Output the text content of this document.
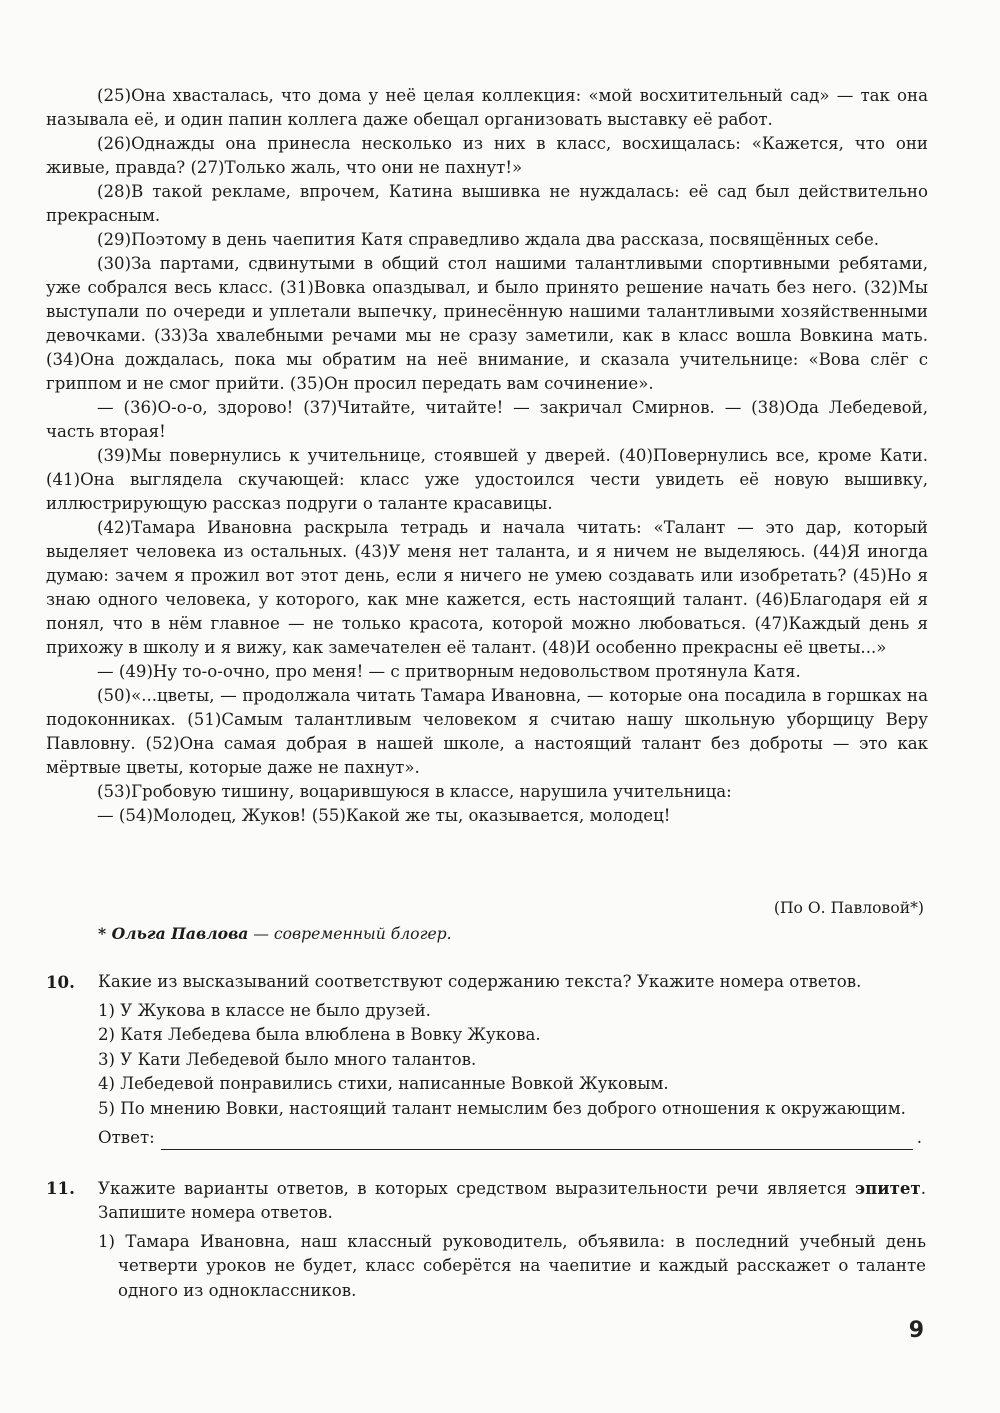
(25)Она хвасталась, что дома у неё целая коллекция: «мой восхитительный сад» — так она называла её, и один папин коллега даже обещал организовать выставку её работ.

(26)Однажды она принесла несколько из них в класс, восхищалась: «Кажется, что они живые, правда? (27)Только жаль, что они не пахнут!»

(28)В такой рекламе, впрочем, Катина вышивка не нуждалась: её сад был действительно прекрасным.

(29)Поэтому в день чаепития Катя справедливо ждала два рассказа, посвящённых себе.

(30)За партами, сдвинутыми в общий стол нашими талантливыми спортивными ребятами, уже собрался весь класс. (31)Вовка опаздывал, и было принято решение начать без него. (32)Мы выступали по очереди и уплетали выпечку, принесённую нашими талантливыми хозяйственными девочками. (33)За хвалебными речами мы не сразу заметили, как в класс вошла Вовкина мать. (34)Она дождалась, пока мы обратим на неё внимание, и сказала учительнице: «Вова слёг с гриппом и не смог прийти. (35)Он просил передать вам сочинение».

— (36)О-о-о, здорово! (37)Читайте, читайте! — закричал Смирнов. — (38)Ода Лебедевой, часть вторая!

(39)Мы повернулись к учительнице, стоявшей у дверей. (40)Повернулись все, кроме Кати. (41)Она выглядела скучающей: класс уже удостоился чести увидеть её новую вышивку, иллюстрирующую рассказ подруги о таланте красавицы.

(42)Тамара Ивановна раскрыла тетрадь и начала читать: «Талант — это дар, который выделяет человека из остальных. (43)У меня нет таланта, и я ничем не выделяюсь. (44)Я иногда думаю: зачем я прожил вот этот день, если я ничего не умею создавать или изобретать? (45)Но я знаю одного человека, у которого, как мне кажется, есть настоящий талант. (46)Благодаря ей я понял, что в нём главное — не только красота, которой можно любоваться. (47)Каждый день я прихожу в школу и я вижу, как замечателен её талант. (48)И особенно прекрасны её цветы...»

— (49)Ну то-о-очно, про меня! — с притворным недовольством протянула Катя.

(50)«...цветы, — продолжала читать Тамара Ивановна, — которые она посадила в горшках на подоконниках. (51)Самым талантливым человеком я считаю нашу школьную уборщицу Веру Павловну. (52)Она самая добрая в нашей школе, а настоящий талант без доброты — это как мёртвые цветы, которые даже не пахнут».

(53)Гробовую тишину, воцарившуюся в классе, нарушила учительница:

— (54)Молодец, Жуков! (55)Какой же ты, оказывается, молодец!

(По О. Павловой*)
* Ольга Павлова — современный блогер.
10. Какие из высказываний соответствуют содержанию текста? Укажите номера ответов.
1) У Жукова в классе не было друзей.
2) Катя Лебедева была влюблена в Вовку Жукова.
3) У Кати Лебедевой было много талантов.
4) Лебедевой понравились стихи, написанные Вовкой Жуковым.
5) По мнению Вовки, настоящий талант немыслим без доброго отношения к окружающим.
Ответ:	.
11. Укажите варианты ответов, в которых средством выразительности речи является эпитет. Запишите номера ответов.
1) Тамара Ивановна, наш классный руководитель, объявила: в последний учебный день четверти уроков не будет, класс соберётся на чаепитие и каждый расскажет о таланте одного из одноклассников.
9
